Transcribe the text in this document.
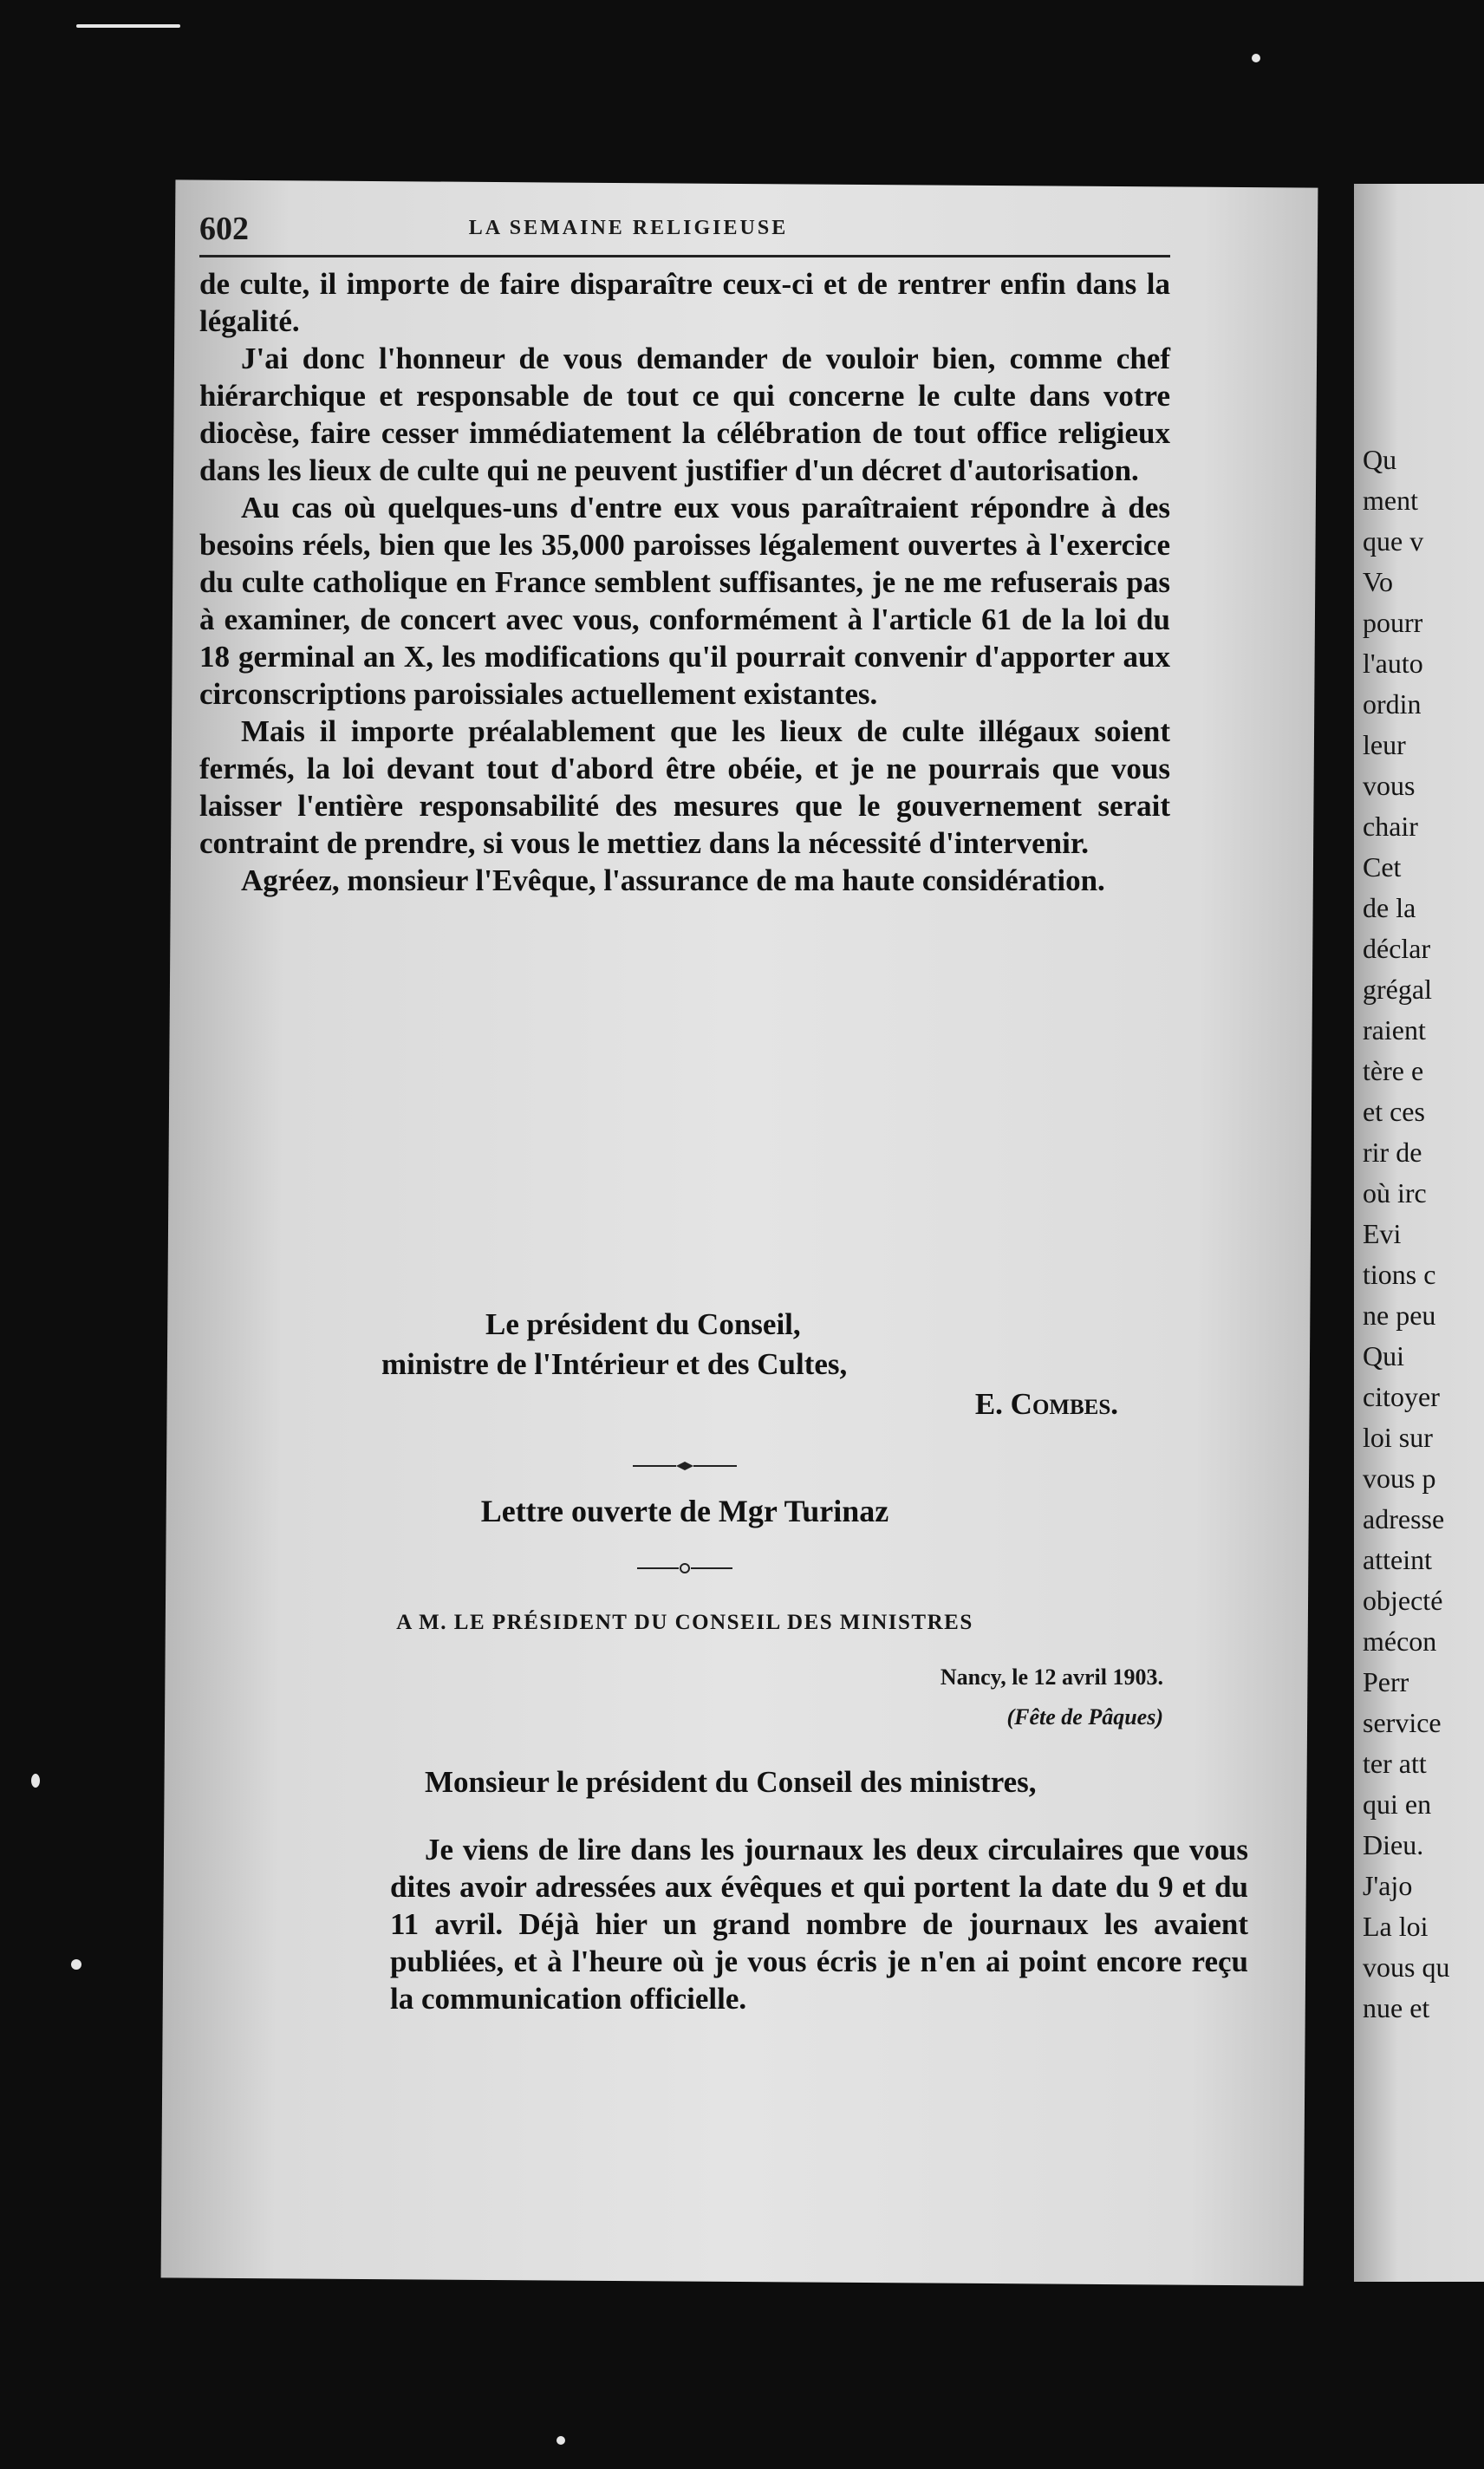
Qu
ment
que v
Vo
pourr
l'auto
ordin
leur
vous
chair
Cet
de la
déclar
grégal
raient
tère e
et ces
rir de
où irc
Evi
tions c
ne peu
Qui
citoyer
loi sur
vous p
adresse
atteint
objecté
mécon
Perr
service
ter att
qui en
Dieu.
J'ajo
La loi
vous qu
nue et
602	LA SEMAINE RELIGIEUSE

de culte, il importe de faire disparaître ceux-ci et de rentrer enfin dans la légalité.

J'ai donc l'honneur de vous demander de vouloir bien, comme chef hiérarchique et responsable de tout ce qui concerne le culte dans votre diocèse, faire cesser immédiatement la célébration de tout office religieux dans les lieux de culte qui ne peuvent justifier d'un décret d'autorisation.

Au cas où quelques-uns d'entre eux vous paraîtraient répondre à des besoins réels, bien que les 35,000 paroisses légalement ouvertes à l'exercice du culte catholique en France semblent suffisantes, je ne me refuserais pas à examiner, de concert avec vous, conformément à l'article 61 de la loi du 18 germinal an X, les modifications qu'il pourrait convenir d'apporter aux circonscriptions paroissiales actuellement existantes.

Mais il importe préalablement que les lieux de culte illégaux soient fermés, la loi devant tout d'abord être obéie, et je ne pourrais que vous laisser l'entière responsabilité des mesures que le gouvernement serait contraint de prendre, si vous le mettiez dans la nécessité d'intervenir.

Agréez, monsieur l'Evêque, l'assurance de ma haute considération.

Le président du Conseil,
ministre de l'Intérieur et des Cultes,
E. Combes.
Lettre ouverte de Mgr Turinaz
A M. LE PRÉSIDENT DU CONSEIL DES MINISTRES
Nancy, le 12 avril 1903.
(Fête de Pâques)
Monsieur le président du Conseil des ministres,

Je viens de lire dans les journaux les deux circulaires que vous dites avoir adressées aux évêques et qui portent la date du 9 et du 11 avril. Déjà hier un grand nombre de journaux les avaient publiées, et à l'heure où je vous écris je n'en ai point encore reçu la communication officielle.
